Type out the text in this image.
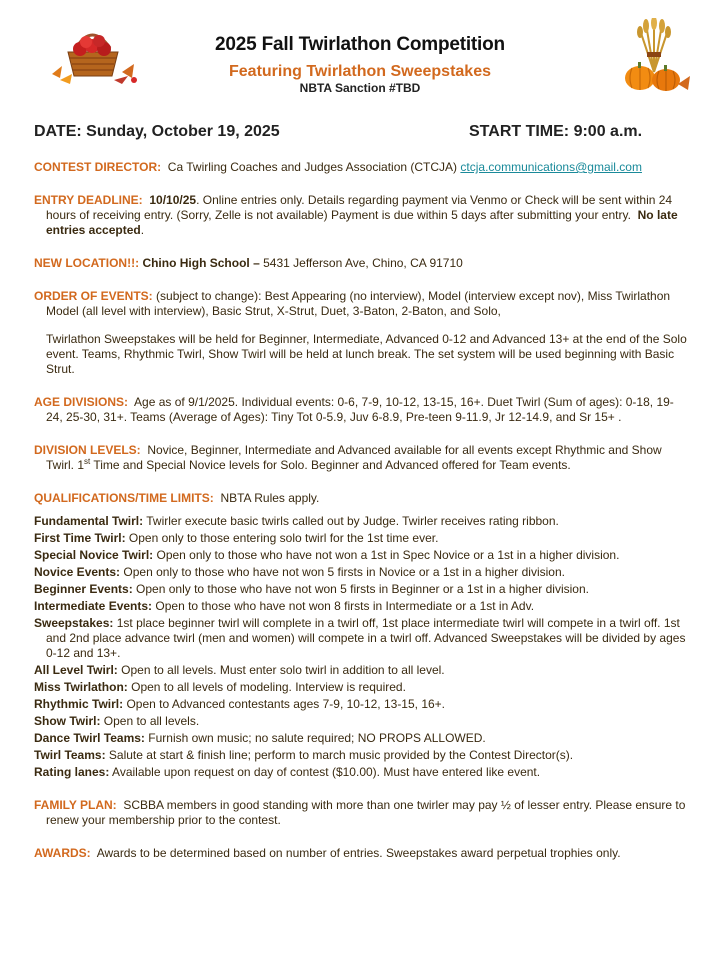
2025 Fall Twirlathon Competition
Featuring Twirlathon Sweepstakes
NBTA Sanction #TBD
DATE: Sunday, October 19, 2025	START TIME: 9:00 a.m.

CONTEST DIRECTOR: Ca Twirling Coaches and Judges Association (CTCJA) ctcja.communications@gmail.com

ENTRY DEADLINE: 10/10/25. Online entries only. Details regarding payment via Venmo or Check will be sent within 24 hours of receiving entry. (Sorry, Zelle is not available) Payment is due within 5 days after submitting your entry. No late entries accepted.

NEW LOCATION!!: Chino High School – 5431 Jefferson Ave, Chino, CA 91710

ORDER OF EVENTS: (subject to change): Best Appearing (no interview), Model (interview except nov), Miss Twirlathon Model (all level with interview), Basic Strut, X-Strut, Duet, 3-Baton, 2-Baton, and Solo,

Twirlathon Sweepstakes will be held for Beginner, Intermediate, Advanced 0-12 and Advanced 13+ at the end of the Solo event. Teams, Rhythmic Twirl, Show Twirl will be held at lunch break. The set system will be used beginning with Basic Strut.

AGE DIVISIONS: Age as of 9/1/2025. Individual events: 0-6, 7-9, 10-12, 13-15, 16+. Duet Twirl (Sum of ages): 0-18, 19-24, 25-30, 31+. Teams (Average of Ages): Tiny Tot 0-5.9, Juv 6-8.9, Pre-teen 9-11.9, Jr 12-14.9, and Sr 15+ .

DIVISION LEVELS: Novice, Beginner, Intermediate and Advanced available for all events except Rhythmic and Show Twirl. 1st Time and Special Novice levels for Solo. Beginner and Advanced offered for Team events.

QUALIFICATIONS/TIME LIMITS: NBTA Rules apply.

Fundamental Twirl: Twirler execute basic twirls called out by Judge. Twirler receives rating ribbon.

First Time Twirl: Open only to those entering solo twirl for the 1st time ever.

Special Novice Twirl: Open only to those who have not won a 1st in Spec Novice or a 1st in a higher division.

Novice Events: Open only to those who have not won 5 firsts in Novice or a 1st in a higher division.

Beginner Events: Open only to those who have not won 5 firsts in Beginner or a 1st in a higher division.

Intermediate Events: Open to those who have not won 8 firsts in Intermediate or a 1st in Adv.

Sweepstakes: 1st place beginner twirl will complete in a twirl off, 1st place intermediate twirl will compete in a twirl off. 1st and 2nd place advance twirl (men and women) will compete in a twirl off. Advanced Sweepstakes will be divided by ages 0-12 and 13+.

All Level Twirl: Open to all levels. Must enter solo twirl in addition to all level.

Miss Twirlathon: Open to all levels of modeling. Interview is required.

Rhythmic Twirl: Open to Advanced contestants ages 7-9, 10-12, 13-15, 16+.

Show Twirl: Open to all levels.

Dance Twirl Teams: Furnish own music; no salute required; NO PROPS ALLOWED.

Twirl Teams: Salute at start & finish line; perform to march music provided by the Contest Director(s).

Rating lanes: Available upon request on day of contest ($10.00). Must have entered like event.

FAMILY PLAN: SCBBA members in good standing with more than one twirler may pay ½ of lesser entry. Please ensure to renew your membership prior to the contest.

AWARDS: Awards to be determined based on number of entries. Sweepstakes award perpetual trophies only.
